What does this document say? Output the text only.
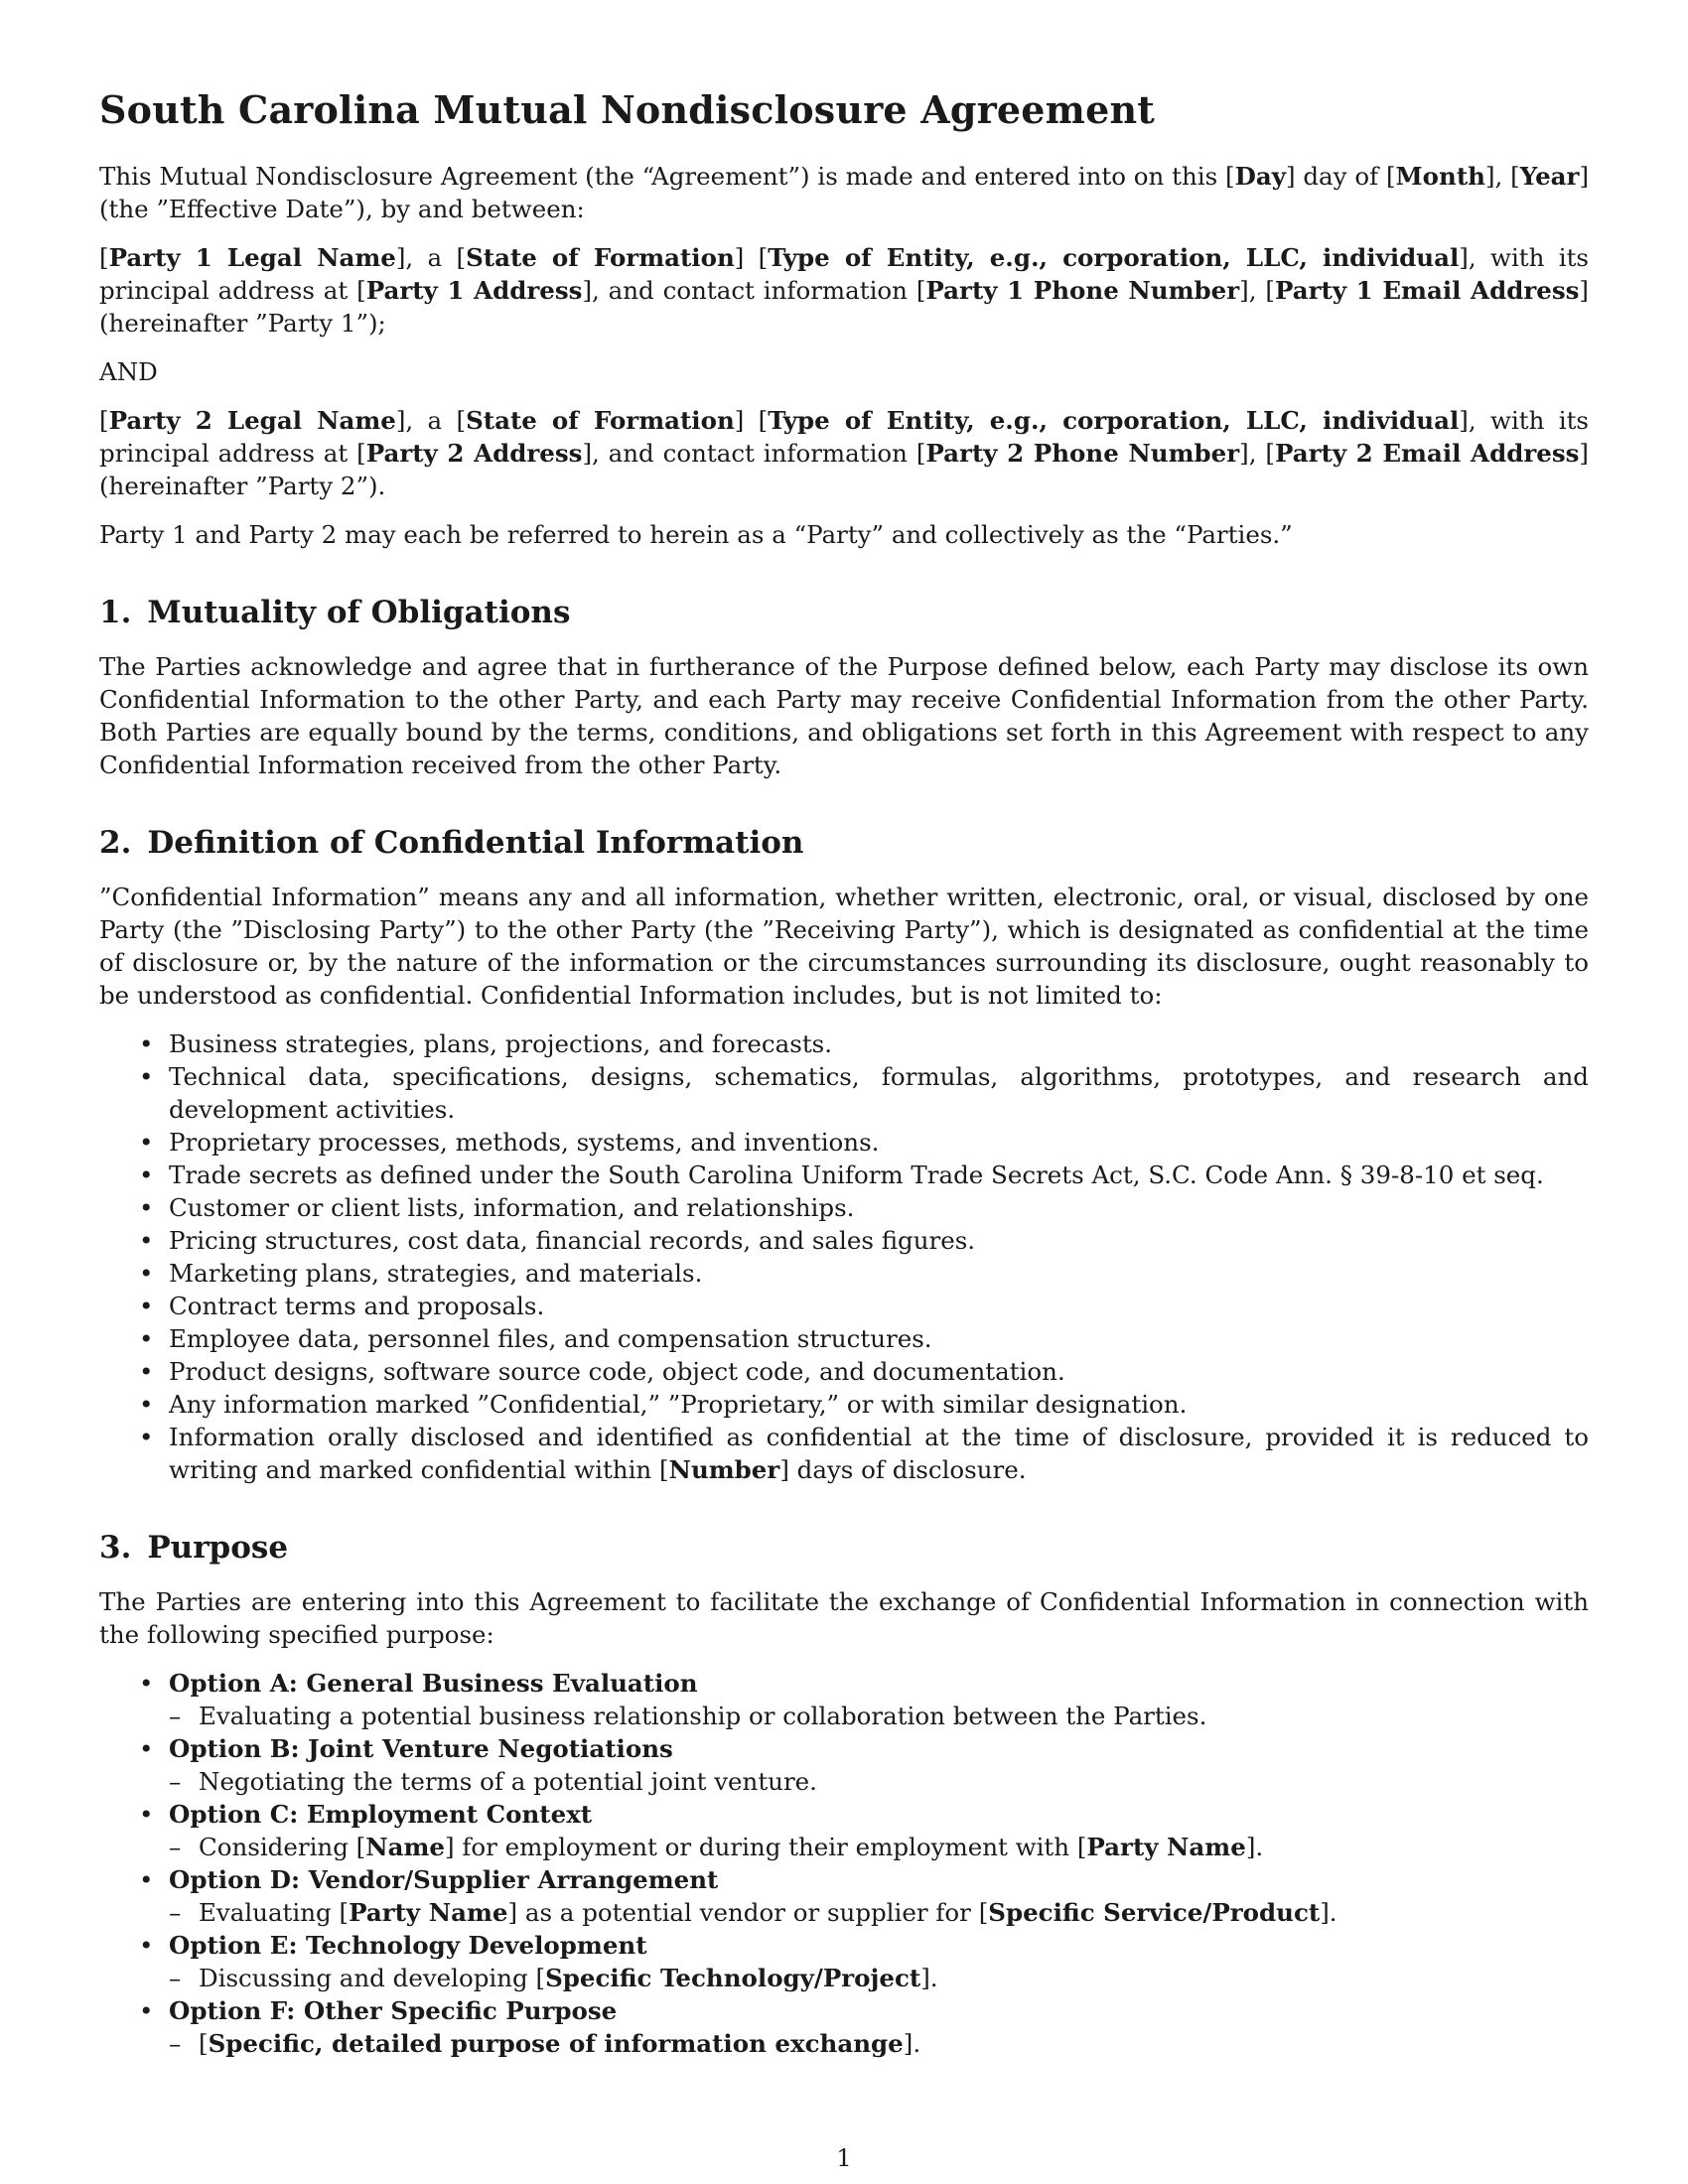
South Carolina Mutual Nondisclosure Agreement

This Mutual Nondisclosure Agreement (the “Agreement”) is made and entered into on this [Day] day of [Month], [Year] (the ”Effective Date”), by and between:

[Party 1 Legal Name], a [State of Formation] [Type of Entity, e.g., corporation, LLC, individual], with its principal address at [Party 1 Address], and contact information [Party 1 Phone Number], [Party 1 Email Address] (hereinafter ”Party 1”);

AND

[Party 2 Legal Name], a [State of Formation] [Type of Entity, e.g., corporation, LLC, individual], with its principal address at [Party 2 Address], and contact information [Party 2 Phone Number], [Party 2 Email Address] (hereinafter ”Party 2”).

Party 1 and Party 2 may each be referred to herein as a “Party” and collectively as the “Parties.”

1. Mutuality of Obligations

The Parties acknowledge and agree that in furtherance of the Purpose defined below, each Party may disclose its own Confidential Information to the other Party, and each Party may receive Confidential Information from the other Party. Both Parties are equally bound by the terms, conditions, and obligations set forth in this Agreement with respect to any Confidential Information received from the other Party.

2. Definition of Confidential Information

”Confidential Information” means any and all information, whether written, electronic, oral, or visual, disclosed by one Party (the ”Disclosing Party”) to the other Party (the ”Receiving Party”), which is designated as confidential at the time of disclosure or, by the nature of the information or the circumstances surrounding its disclosure, ought reasonably to be understood as confidential. Confidential Information includes, but is not limited to:

• Business strategies, plans, projections, and forecasts.
• Technical data, specifications, designs, schematics, formulas, algorithms, prototypes, and research and development activities.
• Proprietary processes, methods, systems, and inventions.
• Trade secrets as defined under the South Carolina Uniform Trade Secrets Act, S.C. Code Ann. § 39-8-10 et seq.
• Customer or client lists, information, and relationships.
• Pricing structures, cost data, financial records, and sales figures.
• Marketing plans, strategies, and materials.
• Contract terms and proposals.
• Employee data, personnel files, and compensation structures.
• Product designs, software source code, object code, and documentation.
• Any information marked ”Confidential,” ”Proprietary,” or with similar designation.
• Information orally disclosed and identified as confidential at the time of disclosure, provided it is reduced to writing and marked confidential within [Number] days of disclosure.
3. Purpose

The Parties are entering into this Agreement to facilitate the exchange of Confidential Information in connection with the following specified purpose:

• Option A: General Business Evaluation
– Evaluating a potential business relationship or collaboration between the Parties.
• Option B: Joint Venture Negotiations
– Negotiating the terms of a potential joint venture.
• Option C: Employment Context
– Considering [Name] for employment or during their employment with [Party Name].
• Option D: Vendor/Supplier Arrangement
– Evaluating [Party Name] as a potential vendor or supplier for [Specific Service/Product].
• Option E: Technology Development
– Discussing and developing [Specific Technology/Project].
• Option F: Other Specific Purpose
– [Specific, detailed purpose of information exchange].
1
